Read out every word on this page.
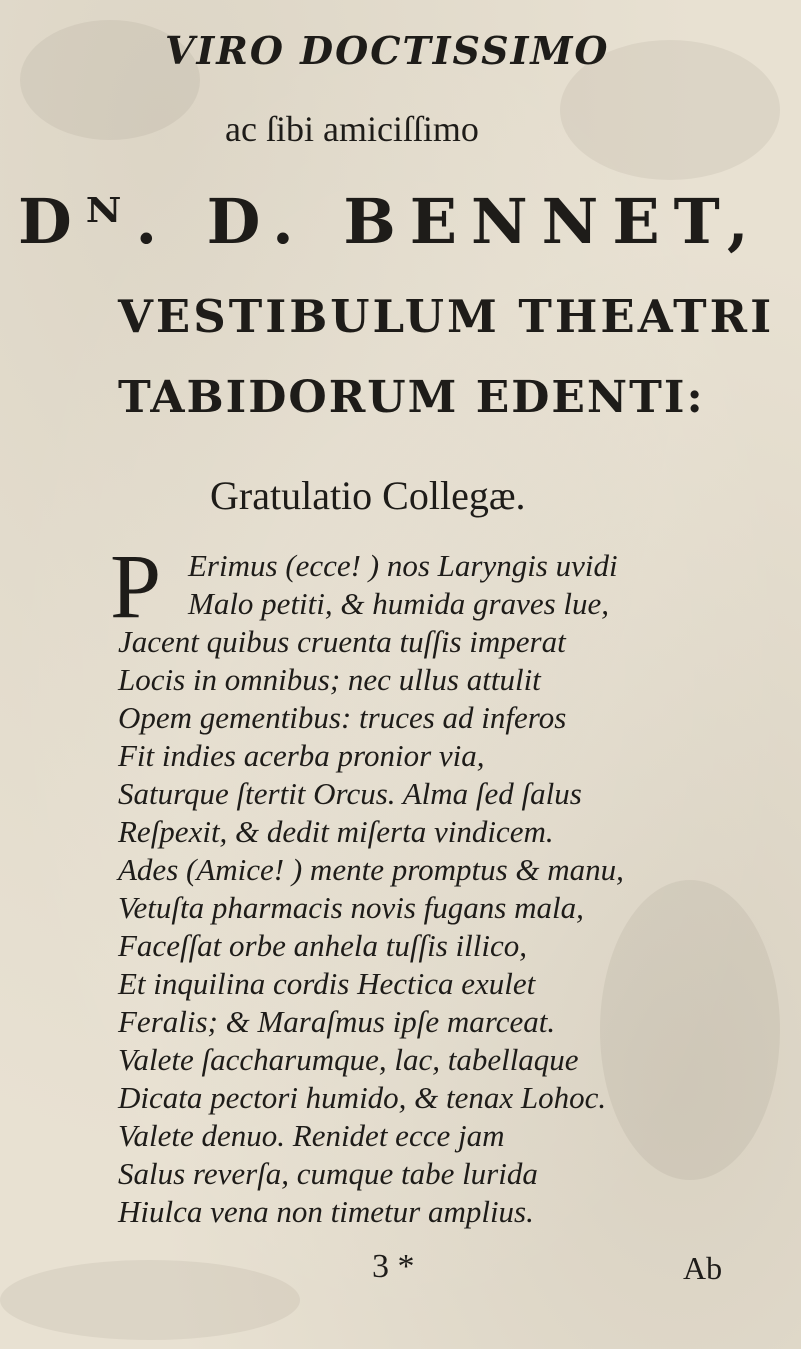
VIRO DOCTISSIMO
ac ſibi amiciſſimo
Dᴺ. D. BENNET,
VESTIBULUM THEATRI
TABIDORUM EDENTI:
Gratulatio Collegæ.
P Erimus (ecce! ) nos Laryngis uvidi
Malo petiti, & humida graves lue,
Jacent quibus cruenta tuſſis imperat
Locis in omnibus; nec ullus attulit
Opem gementibus: truces ad inferos
Fit indies acerba pronior via,
Saturque ſtertit Orcus. Alma ſed ſalus
Reſpexit, & dedit miſerta vindicem.
Ades (Amice! ) mente promptus & manu,
Vetuſta pharmacis novis fugans mala,
Faceſſat orbe anhela tuſſis illico,
Et inquilina cordis Hectica exulet
Feralis; & Maraſmus ipſe marceat.
Valete ſaccharumque, lac, tabellaque
Dicata pectori humido, & tenax Lohoc.
Valete denuo. Renidet ecce jam
Salus reverſa, cumque tabe lurida
Hiulca vena non timetur amplius.
3 *	Ab
